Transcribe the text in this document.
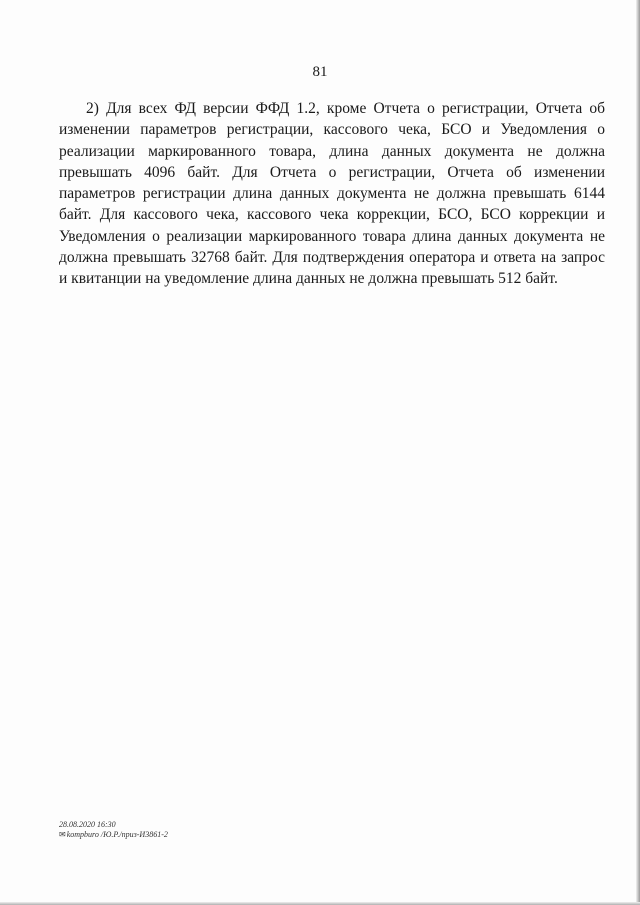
81

2) Для всех ФД версии ФФД 1.2, кроме Отчета о регистрации, Отчета об изменении параметров регистрации, кассового чека, БСО и Уведомления о реализации маркированного товара, длина данных документа не должна превышать 4096 байт. Для Отчета о регистрации, Отчета об изменении параметров регистрации длина данных документа не должна превышать 6144 байт. Для кассового чека, кассового чека коррекции, БСО, БСО коррекции и Уведомления о реализации маркированного товара длина данных документа не должна превышать 32768 байт. Для подтверждения оператора и ответа на запрос и квитанции на уведомление длина данных не должна превышать 512 байт.

28.08.2020 16:30
✉kompburo /Ю.Р./npuз-И3861-2
